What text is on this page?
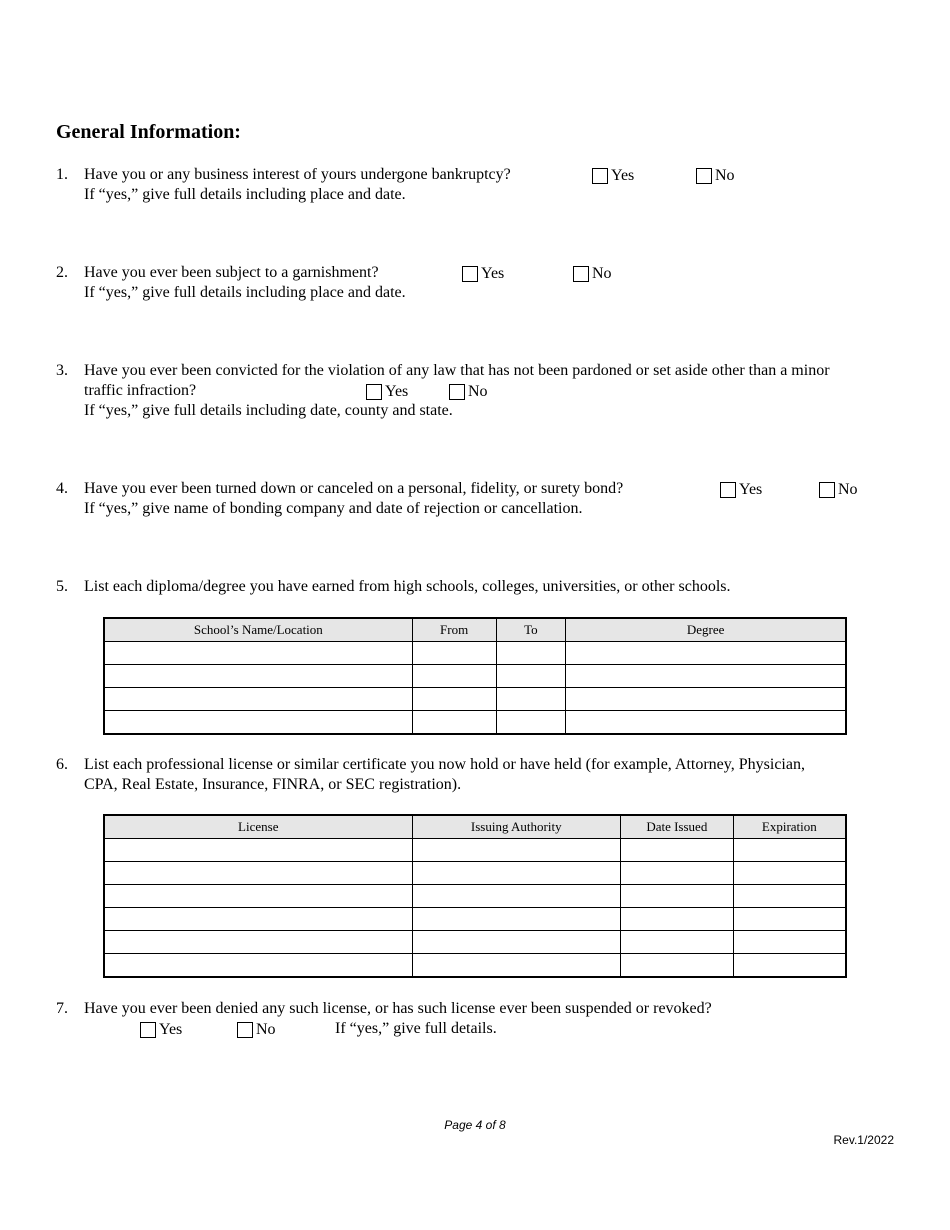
General Information:
1. Have you or any business interest of yours undergone bankruptcy?
If “yes,” give full details including place and date.
Yes	No
2. Have you ever been subject to a garnishment?
If “yes,” give full details including place and date.
Yes	No
3. Have you ever been convicted for the violation of any law that has not been pardoned or set aside other than a minor
traffic infraction?
If “yes,” give full details including date, county and state.
Yes	No
4. Have you ever been turned down or canceled on a personal, fidelity, or surety bond?
If “yes,” give name of bonding company and date of rejection or cancellation.
Yes	No
5. List each diploma/degree you have earned from high schools, colleges, universities, or other schools.
School’s Name/Location	From	To	Degree

6. List each professional license or similar certificate you now hold or have held (for example, Attorney, Physician,
CPA, Real Estate, Insurance, FINRA, or SEC registration).
License	Issuing Authority	Date Issued	Expiration

7. Have you ever been denied any such license, or has such license ever been suspended or revoked?
If “yes,” give full details.
Yes	No
Page 4 of 8
Rev.1/2022
